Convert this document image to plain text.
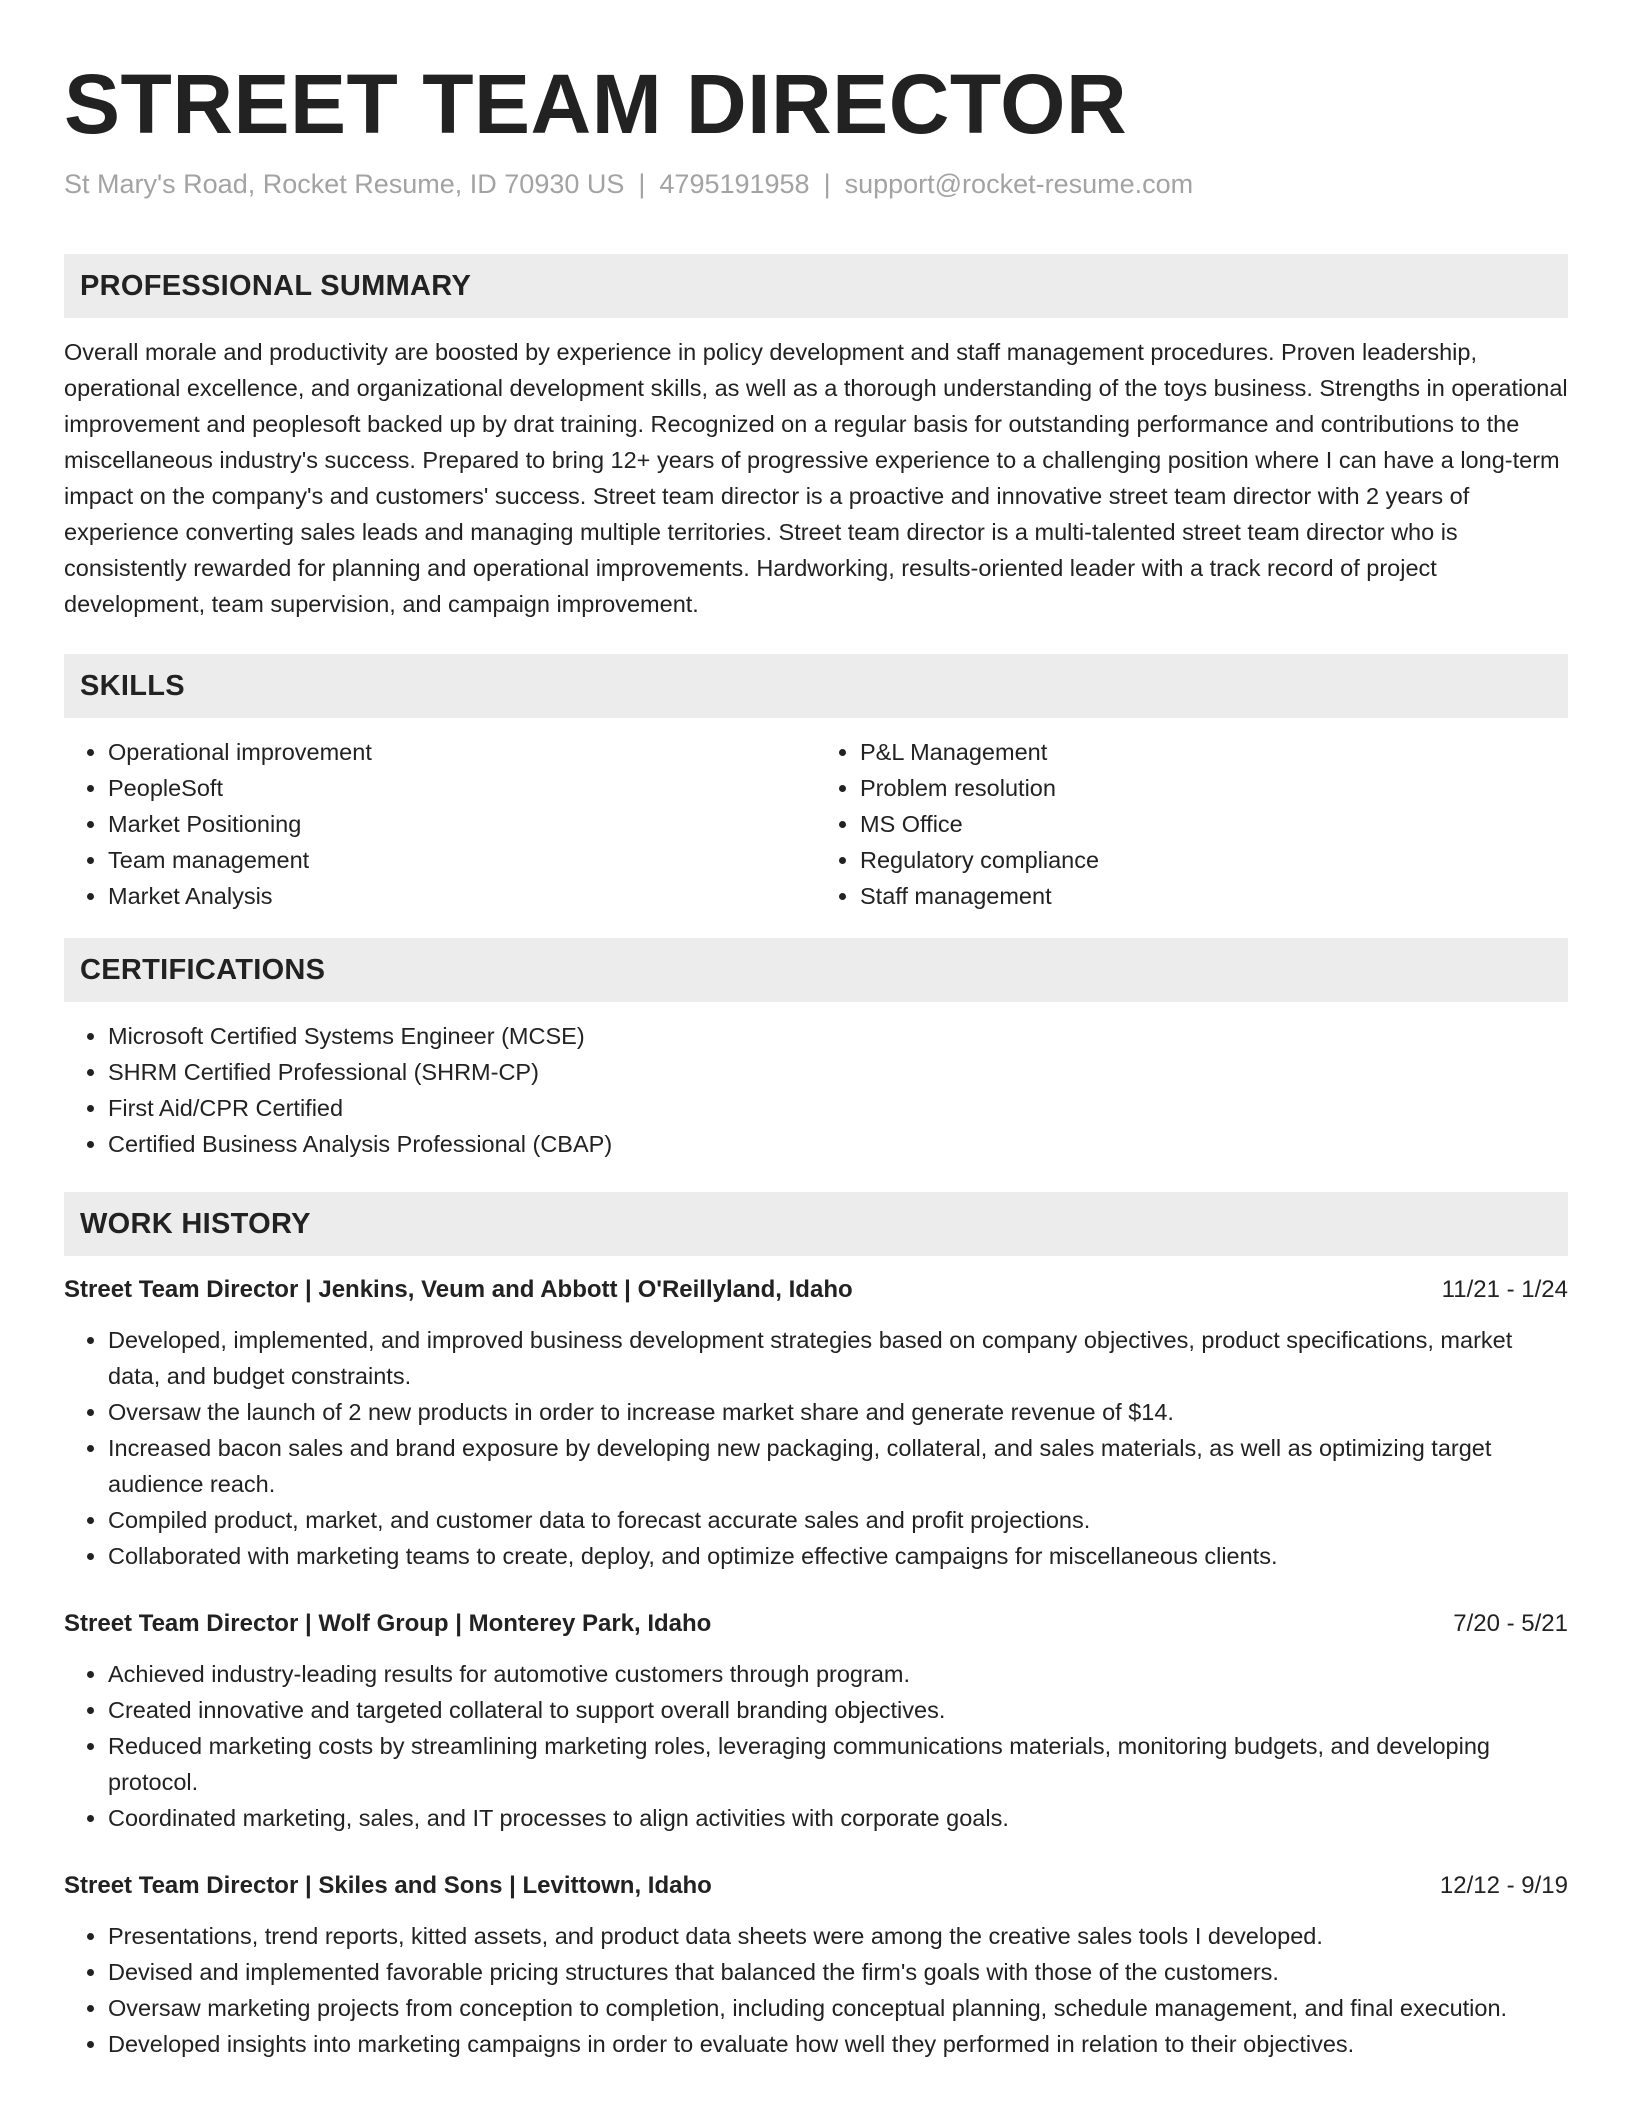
STREET TEAM DIRECTOR
St Mary's Road, Rocket Resume, ID 70930 US | 4795191958 | support@rocket-resume.com
PROFESSIONAL SUMMARY

Overall morale and productivity are boosted by experience in policy development and staff management procedures. Proven leadership, operational excellence, and organizational development skills, as well as a thorough understanding of the toys business. Strengths in operational improvement and peoplesoft backed up by drat training. Recognized on a regular basis for outstanding performance and contributions to the miscellaneous industry's success. Prepared to bring 12+ years of progressive experience to a challenging position where I can have a long-term impact on the company's and customers' success. Street team director is a proactive and innovative street team director with 2 years of experience converting sales leads and managing multiple territories. Street team director is a multi-talented street team director who is consistently rewarded for planning and operational improvements. Hardworking, results-oriented leader with a track record of project development, team supervision, and campaign improvement.

SKILLS
• Operational improvement
• PeopleSoft
• Market Positioning
• Team management
• Market Analysis
• P&L Management
• Problem resolution
• MS Office
• Regulatory compliance
• Staff management
CERTIFICATIONS
• Microsoft Certified Systems Engineer (MCSE)
• SHRM Certified Professional (SHRM-CP)
• First Aid/CPR Certified
• Certified Business Analysis Professional (CBAP)
WORK HISTORY
Street Team Director | Jenkins, Veum and Abbott | O'Reillyland, Idaho	11/21 - 1/24
• Developed, implemented, and improved business development strategies based on company objectives, product specifications, market data, and budget constraints.
• Oversaw the launch of 2 new products in order to increase market share and generate revenue of $14.
• Increased bacon sales and brand exposure by developing new packaging, collateral, and sales materials, as well as optimizing target audience reach.
• Compiled product, market, and customer data to forecast accurate sales and profit projections.
• Collaborated with marketing teams to create, deploy, and optimize effective campaigns for miscellaneous clients.
Street Team Director | Wolf Group | Monterey Park, Idaho	7/20 - 5/21
• Achieved industry-leading results for automotive customers through program.
• Created innovative and targeted collateral to support overall branding objectives.
• Reduced marketing costs by streamlining marketing roles, leveraging communications materials, monitoring budgets, and developing protocol.
• Coordinated marketing, sales, and IT processes to align activities with corporate goals.
Street Team Director | Skiles and Sons | Levittown, Idaho	12/12 - 9/19
• Presentations, trend reports, kitted assets, and product data sheets were among the creative sales tools I developed.
• Devised and implemented favorable pricing structures that balanced the firm's goals with those of the customers.
• Oversaw marketing projects from conception to completion, including conceptual planning, schedule management, and final execution.
• Developed insights into marketing campaigns in order to evaluate how well they performed in relation to their objectives.
